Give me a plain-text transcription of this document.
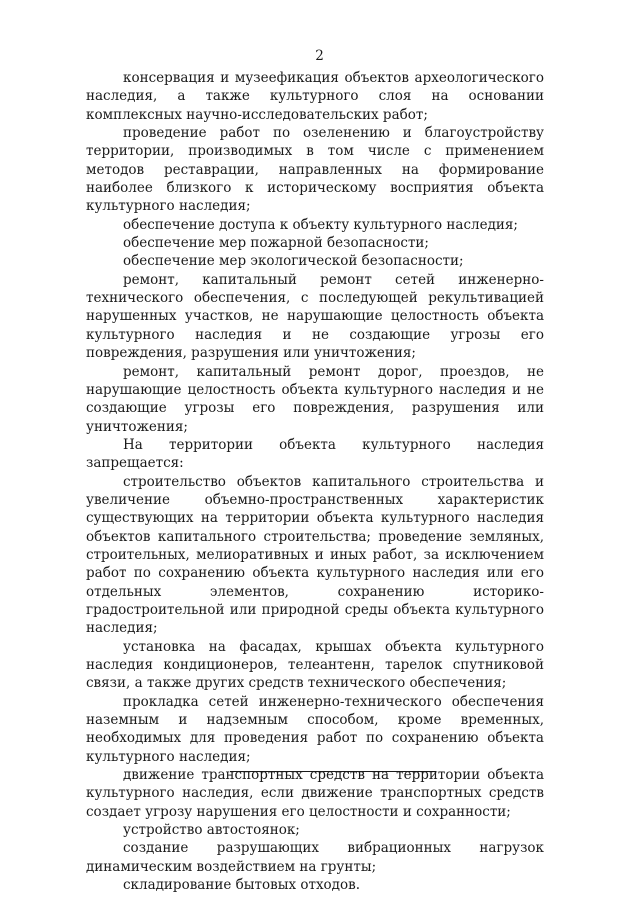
2

консервация и музеефикация объектов археологического наследия, а также культурного слоя на основании комплексных научно-исследовательских работ;

проведение работ по озеленению и благоустройству территории, производимых в том числе с применением методов реставрации, направленных на формирование наиболее близкого к историческому восприятия объекта культурного наследия;

обеспечение доступа к объекту культурного наследия;

обеспечение мер пожарной безопасности;

обеспечение мер экологической безопасности;

ремонт, капитальный ремонт сетей инженерно-технического обеспечения, с последующей рекультивацией нарушенных участков, не нарушающие целостность объекта культурного наследия и не создающие угрозы его повреждения, разрушения или уничтожения;

ремонт, капитальный ремонт дорог, проездов, не нарушающие целостность объекта культурного наследия и не создающие угрозы его повреждения, разрушения или уничтожения;

На территории объекта культурного наследия запрещается:

строительство объектов капитального строительства и увеличение объемно-пространственных характеристик существующих на территории объекта культурного наследия объектов капитального строительства; проведение земляных, строительных, мелиоративных и иных работ, за исключением работ по сохранению объекта культурного наследия или его отдельных элементов, сохранению историко-градостроительной или природной среды объекта культурного наследия;

установка на фасадах, крышах объекта культурного наследия кондиционеров, телеантенн, тарелок спутниковой связи, а также других средств технического обеспечения;

прокладка сетей инженерно-технического обеспечения наземным и надземным способом, кроме временных, необходимых для проведения работ по сохранению объекта культурного наследия;

движение транспортных средств на территории объекта культурного наследия, если движение транспортных средств создает угрозу нарушения его целостности и сохранности;

устройство автостоянок;

создание разрушающих вибрационных нагрузок динамическим воздействием на грунты;

складирование бытовых отходов.
